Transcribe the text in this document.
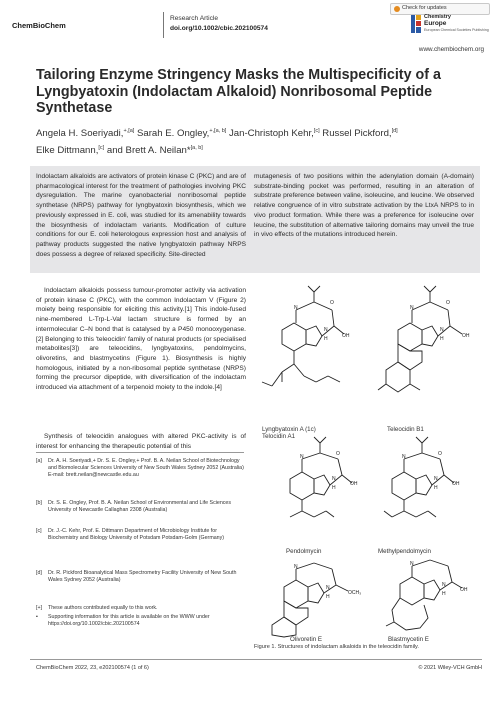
ChemBioChem
Research Article
doi.org/10.1002/cbic.202100574
Check for updates
Chemistry
Europe
European Chemical Societies Publishing
www.chembiochem.org
Tailoring Enzyme Stringency Masks the Multispecificity of a Lyngbyatoxin (Indolactam Alkaloid) Nonribosomal Peptide Synthetase
Angela H. Soeriyadi,$^{+,[a]}$ Sarah E. Ongley,$^{+,[a, b]}$ Jan-Christoph Kehr,[c] Russel Pickford,[d]
Elke Dittmann,[c] and Brett A. Neilan*[a, b]
Indolactam alkaloids are activators of protein kinase C (PKC) and are of pharmacological interest for the treatment of pathologies involving PKC dysregulation. The marine cyanobacterial nonribosomal peptide synthetase (NRPS) pathway for lyngbyatoxin biosynthesis, which we previously expressed in E. coli, was studied for its amenability towards the biosynthesis of indolactam variants. Modification of culture conditions for our E. coli heterologous expression host and analysis of pathway products suggested the native lyngbyatoxin pathway NRPS does possess a degree of relaxed specificity. Site-directed
mutagenesis of two positions within the adenylation domain (A-domain) substrate-binding pocket was performed, resulting in an alteration of substrate preference between valine, isoleucine, and leucine. We observed relative congruence of in vitro substrate activation by the LtxA NRPS to in vivo product formation. While there was a preference for isoleucine over leucine, the substitution of alternative tailoring domains may unveil the true in vivo effects of the mutations introduced herein.
Indolactam alkaloids possess tumour-promoter activity via activation of protein kinase C (PKC), with the common Indolactam V (Figure 2) moiety being responsible for eliciting this activity.[1] This indole-fused nine-membered L-Trp-L-Val lactam structure is formed by an intermolecular C–N bond that is catalysed by a P450 monooxygenase.[2] Belonging to this 'teleocidin' family of natural products (or specialised metabolites[3]) are teleocidins, lyngbyatoxins, pendolmycins, olivoretins, and blastmycetins (Figure 1). Biosynthesis is highly homologous, initiated by a non-ribosomal peptide synthetase (NRPS) forming the precursor dipeptide, with diversification of the indolactam introduced via attachment of a terpenoid moiety to the indole.[4]
Synthesis of teleocidin analogues with altered PKC-activity is of interest for enhancing the therapeutic potential of this
[a] Dr. A. H. Soeriyadi,+ Dr. S. E. Ongley,+ Prof. B. A. Neilan School of Biotechnology and Biomolecular Sciences University of New South Wales Sydney 2052 (Australia) E-mail: brett.neilan@newcastle.edu.au
[b] Dr. S. E. Ongley, Prof. B. A. Neilan School of Environmental and Life Sciences University of Newcastle Callaghan 2308 (Australia)
[c] Dr. J.-C. Kehr, Prof. E. Dittmann Department of Microbiology Institute for Biochemistry and Biology University of Potsdam Potsdam-Golm (Germany)
[d] Dr. R. Pickford Bioanalytical Mass Spectrometry Facility University of New South Wales Sydney 2052 (Australia)
[+] These authors contributed equally to this work.
▪ Supporting information for this article is available on the WWW under https://doi.org/10.1002/cbic.202100574
N
N
H	OH
O
Lyngbyatoxin A (1c)
Telocidin A1
N
N
H	OH
O
Teleocidin B1
N
N
H
OH
O
Pendolmycin
N
N
H
OH
O
Methylpendolmycin
N
N
H
OCH₃
Olivoretin E
N
N
H
OH
Blastmycetin E
Figure 1. Structures of indolactam alkaloids in the teleocidin family.
ChemBioChem 2022, 23, e202100574 (1 of 6)	© 2021 Wiley-VCH GmbH
